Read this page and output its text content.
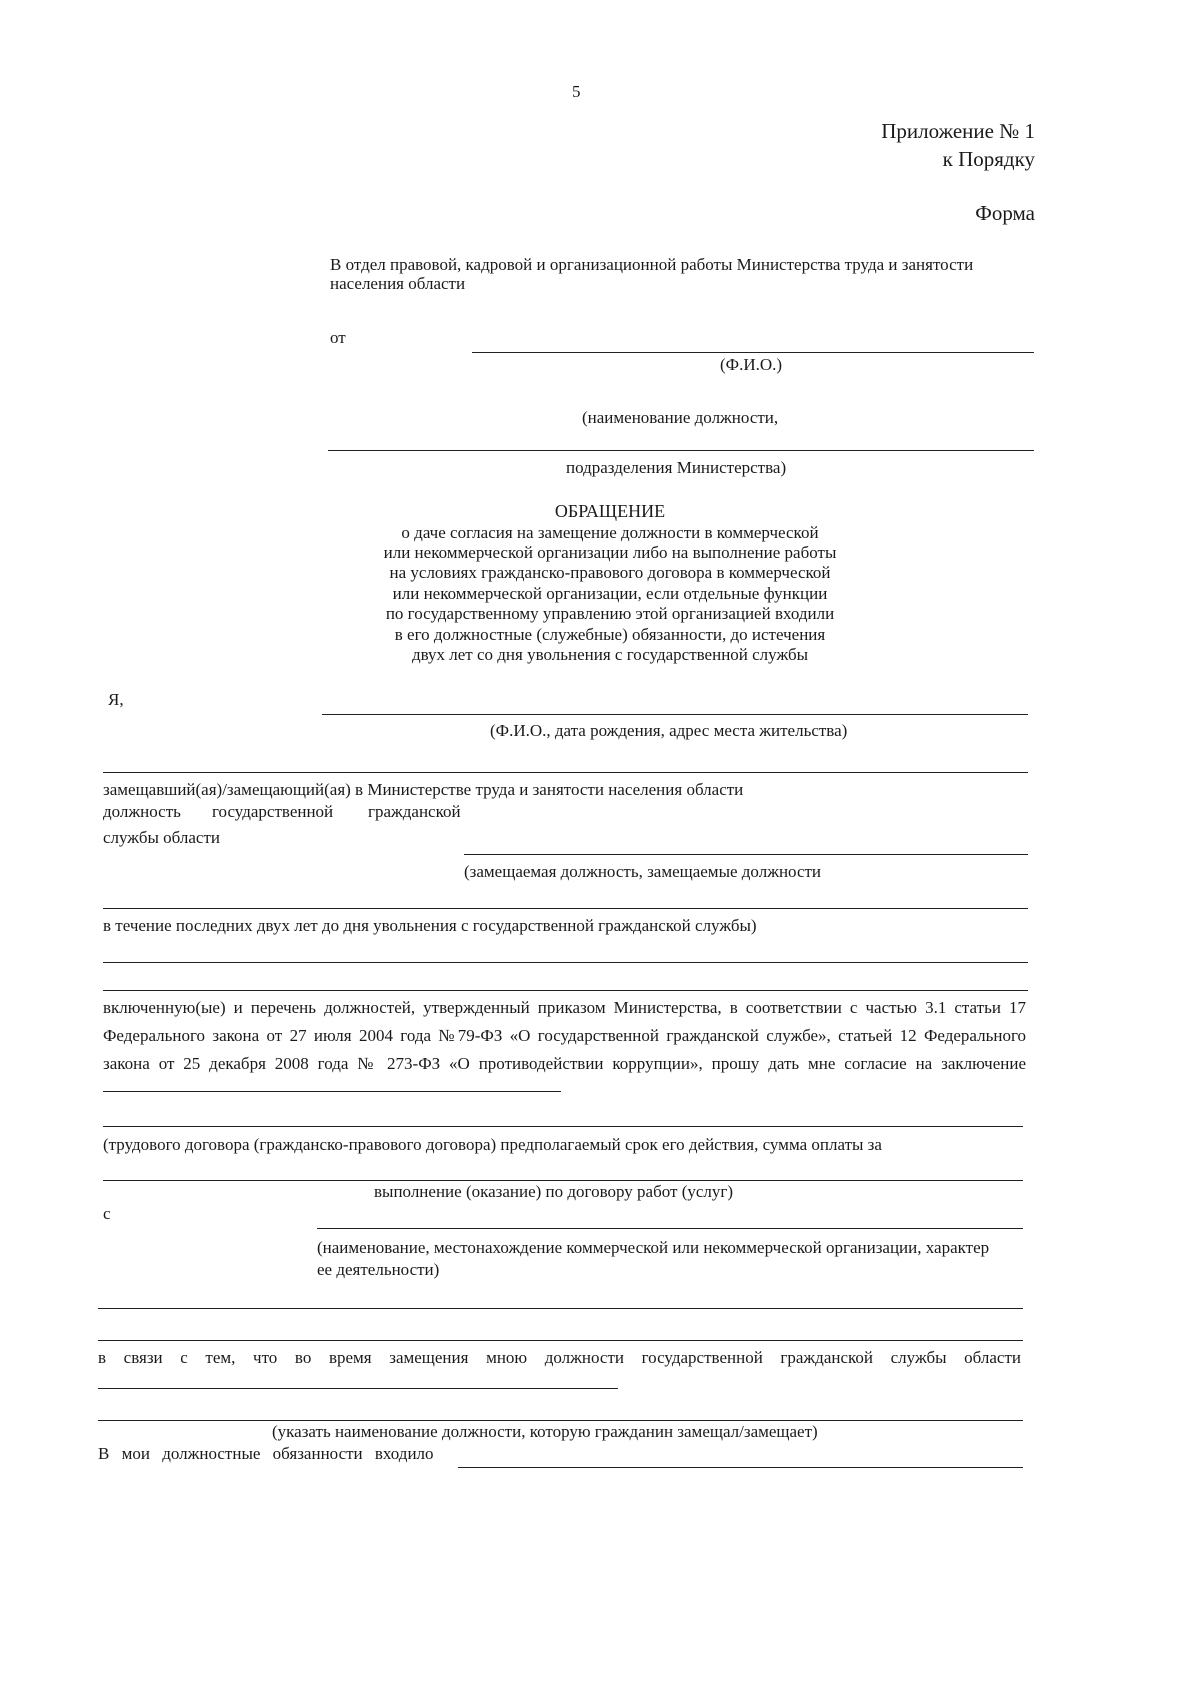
5
Приложение № 1
к Порядку
Форма
В отдел правовой, кадровой и организационной работы Министерства труда и занятости
населения области
от
(Ф.И.О.)
(наименование должности,
подразделения Министерства)
ОБРАЩЕНИЕ
о даче согласия на замещение должности в коммерческой
или некоммерческой организации либо на выполнение работы
на условиях гражданско-правового договора в коммерческой
или некоммерческой организации, если отдельные функции
по государственному управлению этой организацией входили
в его должностные (служебные) обязанности, до истечения
двух лет со дня увольнения с государственной службы
Я,
(Ф.И.О., дата рождения, адрес места жительства)
замещавший(ая)/замещающий(ая) в Министерстве труда и занятости населения области
должность государственной гражданской
службы области
(замещаемая должность, замещаемые должности
в течение последних двух лет до дня увольнения с государственной гражданской службы)
включенную(ые) и перечень должностей, утвержденный приказом Министерства, в соответствии с частью 3.1 статьи 17
Федерального закона от 27 июля 2004 года №79-ФЗ «О государственной гражданской службе», статьей 12 Федерального
закона от 25 декабря 2008 года № 273-ФЗ «О противодействии коррупции», прошу дать мне согласие на заключение
(трудового договора (гражданско-правового договора) предполагаемый срок его действия, сумма оплаты за
выполнение (оказание) по договору работ (услуг)
с
(наименование, местонахождение коммерческой или некоммерческой организации, характер
ее деятельности)
в связи с тем, что во время замещения мною должности государственной гражданской службы области
(указать наименование должности, которую гражданин замещал/замещает)
В мои должностные обязанности входило
